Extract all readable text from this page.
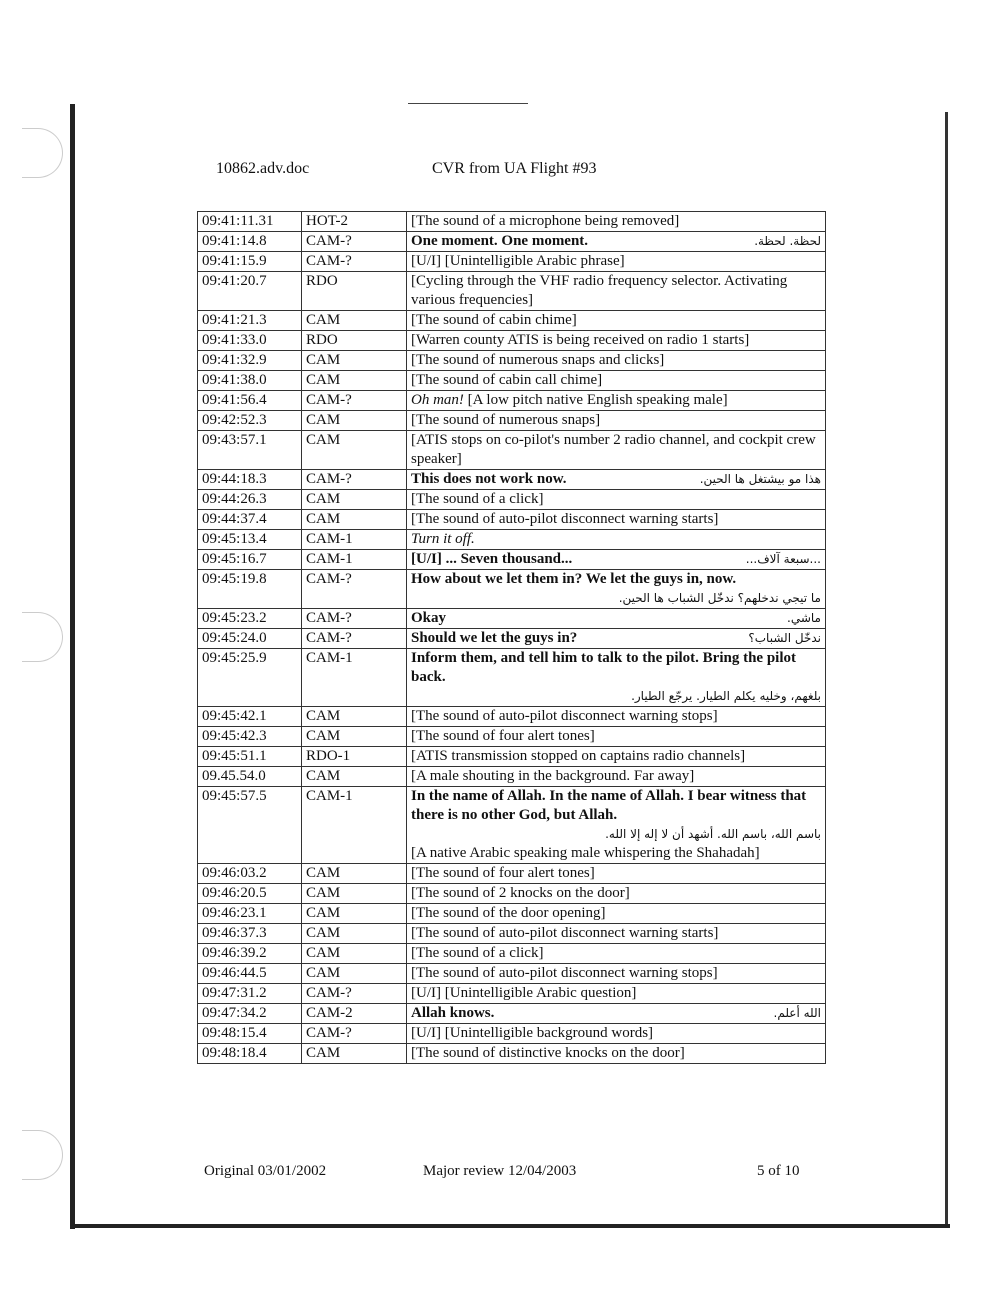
10862.adv.doc	CVR from UA Flight #93
09:41:11.31	HOT-2	[The sound of a microphone being removed]
09:41:14.8	CAM-?	لحظة. لحظة.
One moment. One moment.
09:41:15.9	CAM-?	[U/I] [Unintelligible Arabic phrase]
09:41:20.7	RDO	[Cycling through the VHF radio frequency selector. Activating various frequencies]
09:41:21.3	CAM	[The sound of cabin chime]
09:41:33.0	RDO	[Warren county ATIS is being received on radio 1 starts]
09:41:32.9	CAM	[The sound of numerous snaps and clicks]
09:41:38.0	CAM	[The sound of cabin call chime]
09:41:56.4	CAM-?	Oh man! [A low pitch native English speaking male]
09:42:52.3	CAM	[The sound of numerous snaps]
09:43:57.1	CAM	[ATIS stops on co-pilot's number 2 radio channel, and cockpit crew speaker]
09:44:18.3	CAM-?	هذا مو بيشتغل ها الحين.
This does not work now.
09:44:26.3	CAM	[The sound of a click]
09:44:37.4	CAM	[The sound of auto-pilot disconnect warning starts]
09:45:13.4	CAM-1	Turn it off.
09:45:16.7	CAM-1	...سبعة آلاف...
[U/I] ... Seven thousand...
09:45:19.8	CAM-?	How about we let them in? We let the guys in, now.
ما تيجي ندخلهم؟ ندخّل الشباب ها الحين.

09:45:23.2	CAM-?	ماشي.
Okay
09:45:24.0	CAM-?	ندخّل الشباب؟
Should we let the guys in?
09:45:25.9	CAM-1	Inform them, and tell him to talk to the pilot. Bring the pilot back.
بلغهم، وخليه يكلم الطيار. يرجّع الطيار.

09:45:42.1	CAM	[The sound of auto-pilot disconnect warning stops]
09:45:42.3	CAM	[The sound of four alert tones]
09:45:51.1	RDO-1	[ATIS transmission stopped on captains radio channels]
09.45.54.0	CAM	[A male shouting in the background. Far away]
09:45:57.5	CAM-1	In the name of Allah. In the name of Allah. I bear witness that there is no other God, but Allah.
باسم الله، باسم الله. أشهد أن لا إله إلا الله.
[A native Arabic speaking male whispering the Shahadah]

09:46:03.2	CAM	[The sound of four alert tones]
09:46:20.5	CAM	[The sound of 2 knocks on the door]
09:46:23.1	CAM	[The sound of the door opening]
09:46:37.3	CAM	[The sound of auto-pilot disconnect warning starts]
09:46:39.2	CAM	[The sound of a click]
09:46:44.5	CAM	[The sound of auto-pilot disconnect warning stops]
09:47:31.2	CAM-?	[U/I] [Unintelligible Arabic question]
09:47:34.2	CAM-2	الله أعلم.
Allah knows.
09:48:15.4	CAM-?	[U/I] [Unintelligible background words]
09:48:18.4	CAM	[The sound of distinctive knocks on the door]
Original 03/01/2002	Major review 12/04/2003	5 of 10
